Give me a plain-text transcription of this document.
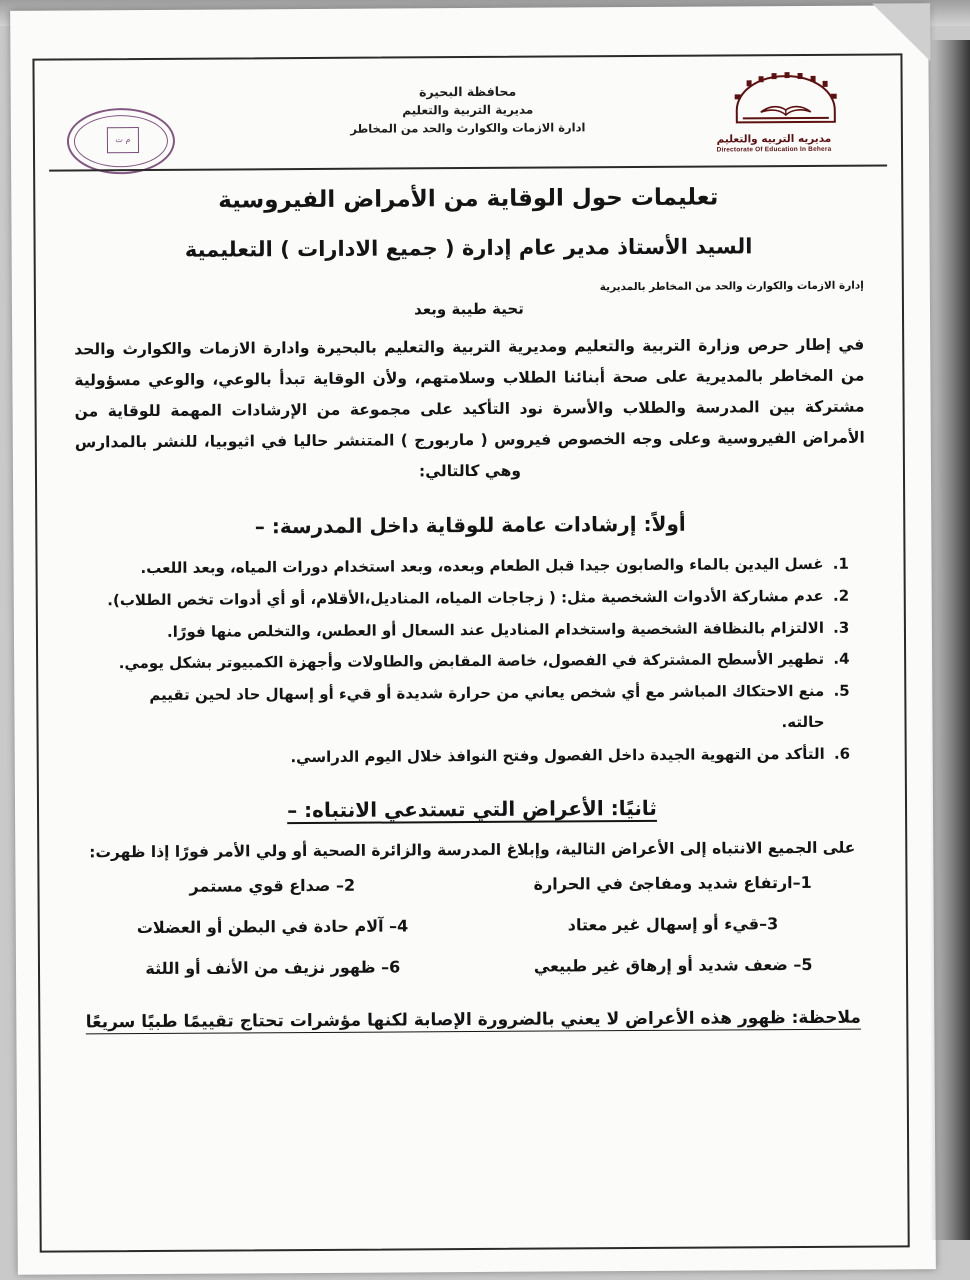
م ت
محافظة البحيرة
مديرية التربية والتعليم
ادارة الازمات والكوارث والحد من المخاطر
مديريه التربيه والتعليم
Directorate Of Education In Behera
تعليمات حول الوقاية من الأمراض الفيروسية
السيد الأستاذ مدير عام إدارة ( جميع الادارات ) التعليمية
إدارة الازمات والكوارث والحد من المخاطر بالمديرية
تحية طيبة وبعد
في إطار حرص وزارة التربية والتعليم ومديرية التربية والتعليم بالبحيرة وادارة الازمات والكوارث والحد من المخاطر بالمديرية على صحة أبنائنا الطلاب وسلامتهم، ولأن الوقاية تبدأ بالوعي، والوعي مسؤولية مشتركة بين المدرسة والطلاب والأسرة نود التأكيد على مجموعة من الإرشادات المهمة للوقاية من الأمراض الفيروسية وعلى وجه الخصوص فيروس ( ماربورج ) المتنشر حاليا في اثيوبيا، للنشر بالمدارس وهي كالتالي:
أولاً: إرشادات عامة للوقاية داخل المدرسة: –
1. غسل اليدين بالماء والصابون جيدا قبل الطعام وبعده، وبعد استخدام دورات المياه، وبعد اللعب.
2. عدم مشاركة الأدوات الشخصية مثل: ( زجاجات المياه، المناديل،الأقلام، أو أي أدوات تخص الطلاب).
3. الالتزام بالنظافة الشخصية واستخدام المناديل عند السعال أو العطس، والتخلص منها فورًا.
4. تطهير الأسطح المشتركة في الفصول، خاصة المقابض والطاولات وأجهزة الكمبيوتر بشكل يومي.
5. منع الاحتكاك المباشر مع أي شخص يعاني من حرارة شديدة أو قيء أو إسهال حاد لحين تقييم حالته.
6. التأكد من التهوية الجيدة داخل الفصول وفتح النوافذ خلال اليوم الدراسي.
ثانيًا: الأعراض التي تستدعي الانتباه: –
على الجميع الانتباه إلى الأعراض التالية، وإبلاغ المدرسة والزائرة الصحية أو ولي الأمر فورًا إذا ظهرت:
1–ارتفاع شديد ومفاجئ في الحرارة
2– صداع قوي مستمر
3–قيء أو إسهال غير معتاد
4– آلام حادة في البطن أو العضلات
5– ضعف شديد أو إرهاق غير طبيعي
6– ظهور نزيف من الأنف أو اللثة
ملاحظة: ظهور هذه الأعراض لا يعني بالضرورة الإصابة لكنها مؤشرات تحتاج تقييمًا طبيًا سريعًا
